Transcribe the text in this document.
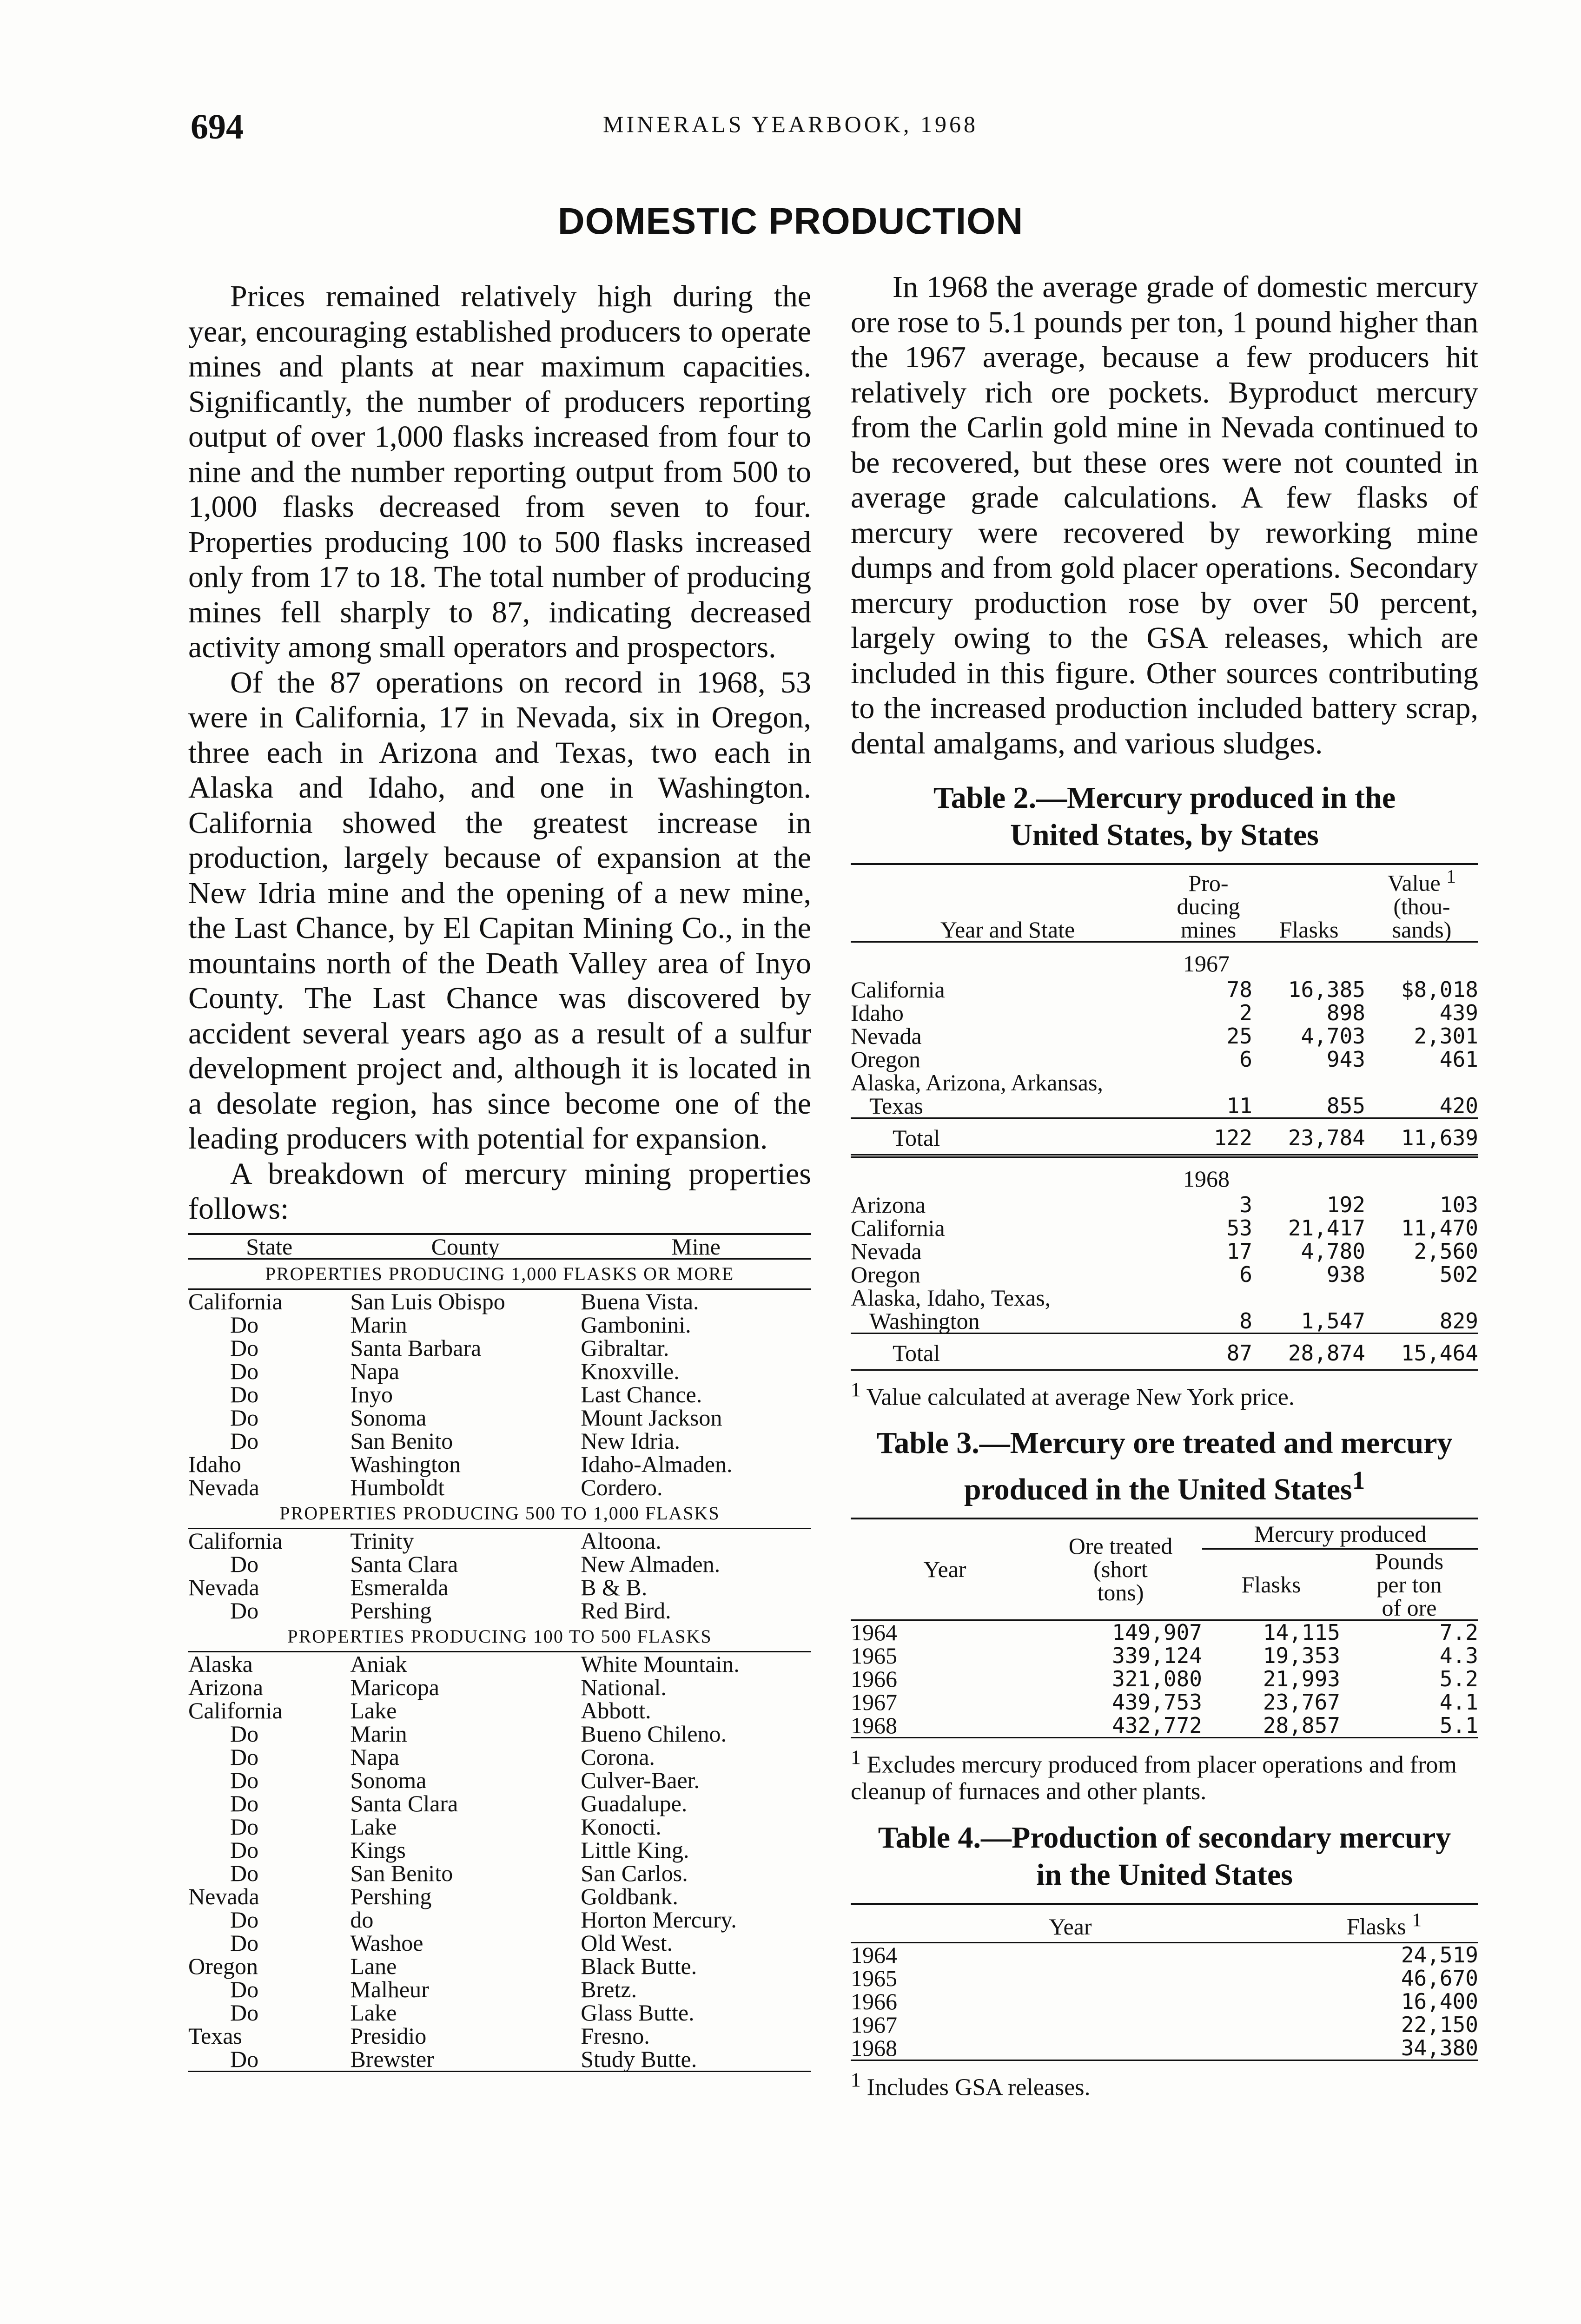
694	MINERALS YEARBOOK, 1968
DOMESTIC PRODUCTION

Prices remained relatively high during the year, encouraging established producers to operate mines and plants at near maximum capacities. Significantly, the number of producers reporting output of over 1,000 flasks increased from four to nine and the number reporting output from 500 to 1,000 flasks decreased from seven to four. Properties producing 100 to 500 flasks increased only from 17 to 18. The total number of producing mines fell sharply to 87, indicating decreased activity among small operators and prospectors.

Of the 87 operations on record in 1968, 53 were in California, 17 in Nevada, six in Oregon, three each in Arizona and Texas, two each in Alaska and Idaho, and one in Washington. California showed the greatest increase in production, largely because of expansion at the New Idria mine and the opening of a new mine, the Last Chance, by El Capitan Mining Co., in the mountains north of the Death Valley area of Inyo County. The Last Chance was discovered by accident several years ago as a result of a sulfur development project and, although it is located in a desolate region, has since become one of the leading producers with potential for expansion.

A breakdown of mercury mining properties follows:

State	County	Mine
PROPERTIES PRODUCING 1,000 FLASKS OR MORE		
California	San Luis Obispo	Buena Vista.
Do	Marin	Gambonini.
Do	Santa Barbara	Gibraltar.
Do	Napa	Knoxville.
Do	Inyo	Last Chance.
Do	Sonoma	Mount Jackson
Do	San Benito	New Idria.
Idaho	Washington	Idaho-Almaden.
Nevada	Humboldt	Cordero.
PROPERTIES PRODUCING 500 TO 1,000 FLASKS		
California	Trinity	Altoona.
Do	Santa Clara	New Almaden.
Nevada	Esmeralda	B & B.
Do	Pershing	Red Bird.
PROPERTIES PRODUCING 100 TO 500 FLASKS		
Alaska	Aniak	White Mountain.
Arizona	Maricopa	National.
California	Lake	Abbott.
Do	Marin	Bueno Chileno.
Do	Napa	Corona.
Do	Sonoma	Culver-Baer.
Do	Santa Clara	Guadalupe.
Do	Lake	Konocti.
Do	Kings	Little King.
Do	San Benito	San Carlos.
Nevada	Pershing	Goldbank.
Do	do	Horton Mercury.
Do	Washoe	Old West.
Oregon	Lane	Black Butte.
Do	Malheur	Bretz.
Do	Lake	Glass Butte.
Texas	Presidio	Fresno.
Do	Brewster	Study Butte.

In 1968 the average grade of domestic mercury ore rose to 5.1 pounds per ton, 1 pound higher than the 1967 average, because a few producers hit relatively rich ore pockets. Byproduct mercury from the Carlin gold mine in Nevada continued to be recovered, but these ores were not counted in average grade calculations. A few flasks of mercury were recovered by reworking mine dumps and from gold placer operations. Secondary mercury production rose by over 50 percent, largely owing to the GSA releases, which are included in this figure. Other sources contributing to the increased production included battery scrap, dental amalgams, and various sludges.

Table 2.—Mercury produced in the
United States, by States

Year and State	Pro-
ducing
mines	Flasks	Value $^1$
(thou-
sands)
1967			
California	78	16,385	$8,018
Idaho	2	898	439
Nevada	25	4,703	2,301
Oregon	6	943	461
Alaska, Arizona, Arkansas,			
Texas	11	855	420
Total	122	23,784	11,639
1968			
Arizona	3	192	103
California	53	21,417	11,470
Nevada	17	4,780	2,560
Oregon	6	938	502
Alaska, Idaho, Texas,			
Washington	8	1,547	829
Total	87	28,874	15,464

$^1$ Value calculated at average New York price.

Table 3.—Mercury ore treated and mercury
produced in the United States$^1$

Year	Ore treated
(short
tons)	Mercury produced	
		Flasks	Pounds
per ton
of ore
1964	149,907	14,115	7.2
1965	339,124	19,353	4.3
1966	321,080	21,993	5.2
1967	439,753	23,767	4.1
1968	432,772	28,857	5.1

$^1$ Excludes mercury produced from placer operations and from cleanup of furnaces and other plants.

Table 4.—Production of secondary mercury
in the United States

Year	Flasks $^1$
1964	24,519
1965	46,670
1966	16,400
1967	22,150
1968	34,380

$^1$ Includes GSA releases.
